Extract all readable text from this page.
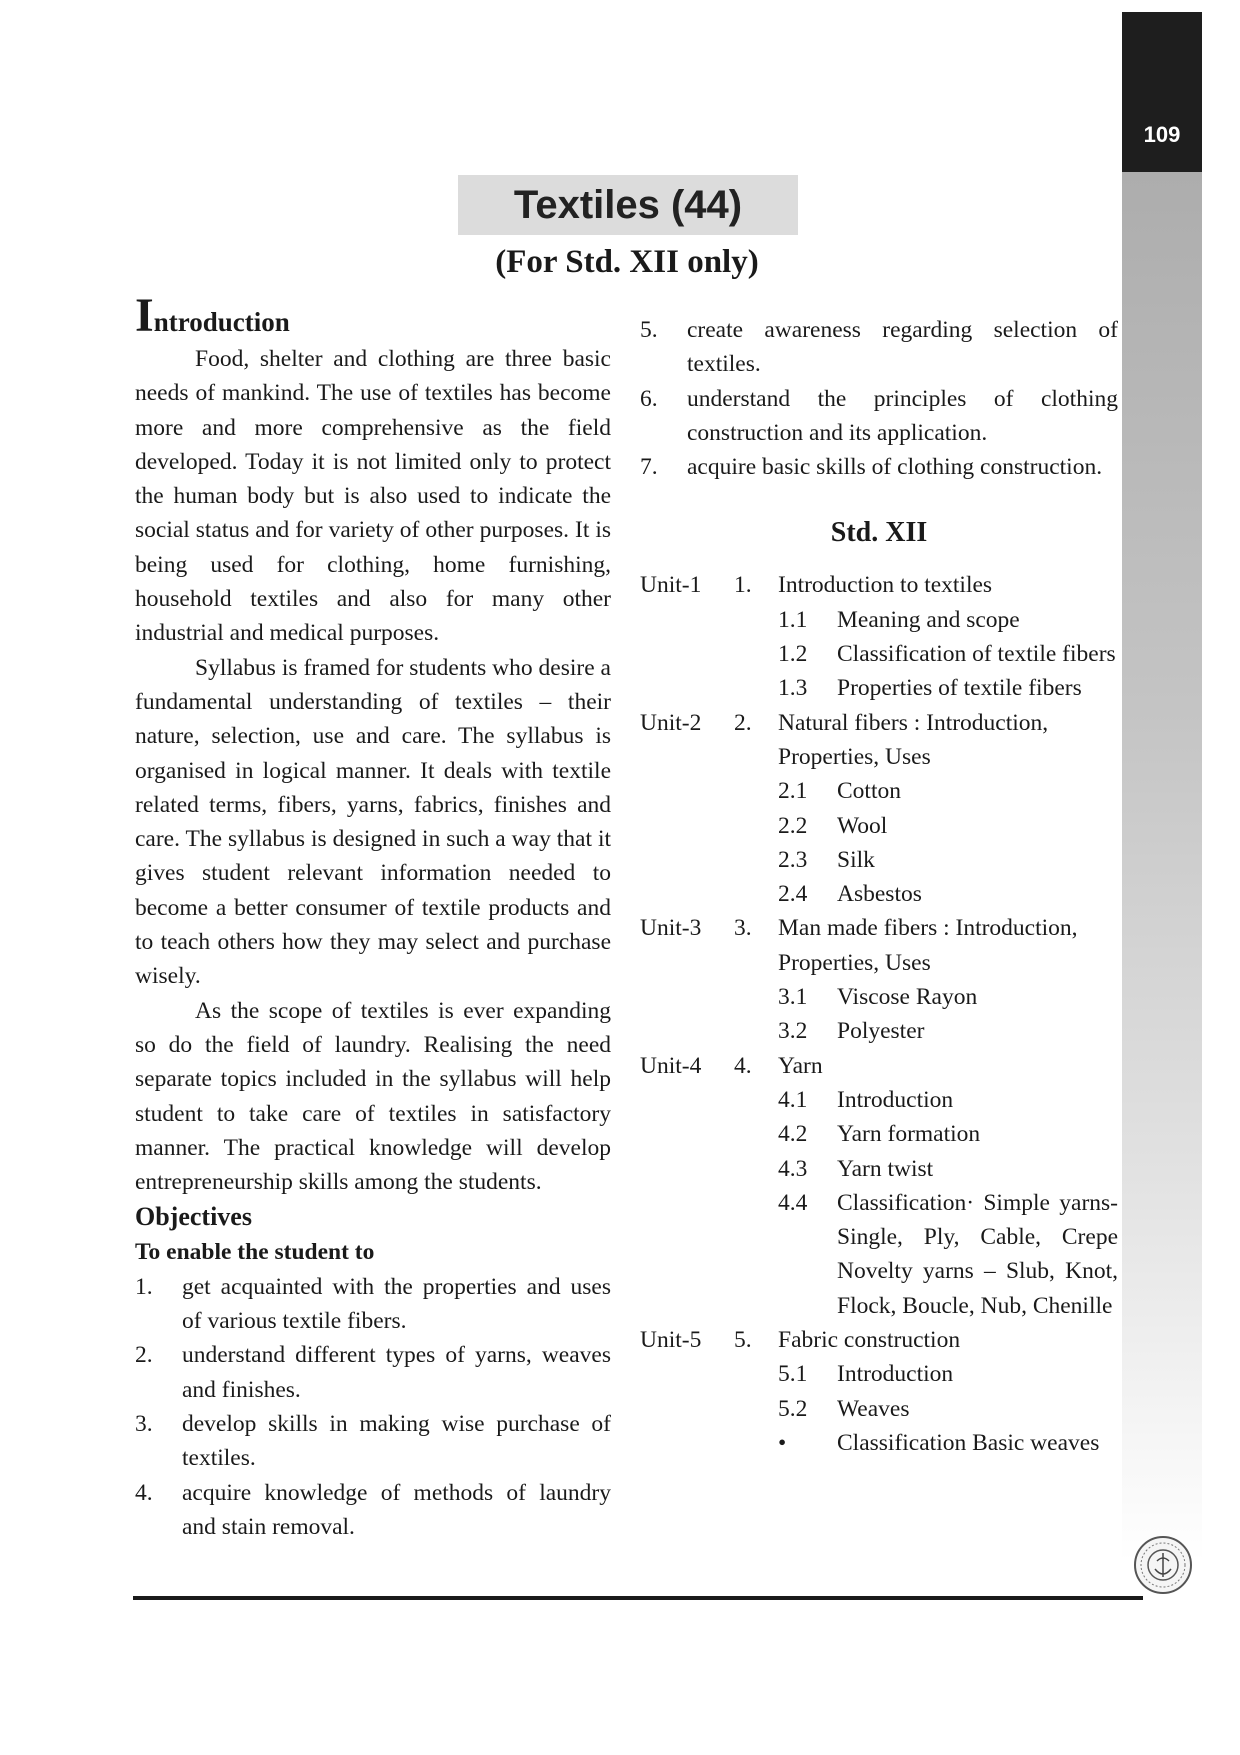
109
Textiles (44)
(For Std. XII only)
Introduction

Food, shelter and clothing are three basic needs of mankind. The use of textiles has become more and more comprehensive as the field developed. Today it is not limited only to protect the human body but is also used to indicate the social status and for variety of other purposes. It is being used for clothing, home furnishing, household textiles and also for many other industrial and medical purposes.

Syllabus is framed for students who desire a fundamental understanding of textiles – their nature, selection, use and care. The syllabus is organised in logical manner. It deals with textile related terms, fibers, yarns, fabrics, finishes and care. The syllabus is designed in such a way that it gives student relevant information needed to become a better consumer of textile products and to teach others how they may select and purchase wisely.

As the scope of textiles is ever expanding so do the field of laundry. Realising the need separate topics included in the syllabus will help student to take care of textiles in satisfactory manner. The practical knowledge will develop entrepreneurship skills among the students.

Objectives
To enable the student to
1.	get acquainted with the properties and uses of various textile fibers.
2.	understand different types of yarns, weaves and finishes.
3.	develop skills in making wise purchase of textiles.
4.	acquire knowledge of methods of laundry and stain removal.
5.	create awareness regarding selection of textiles.
6.	understand the principles of clothing construction and its application.
7.	acquire basic skills of clothing construction.
Std. XII
Unit-1	1.	Introduction to textiles
1.1	Meaning and scope
1.2	Classification of textile fibers
1.3	Properties of textile fibers
Unit-2	2.	Natural fibers : Introduction, Properties, Uses
2.1	Cotton
2.2	Wool
2.3	Silk
2.4	Asbestos
Unit-3	3.	Man made fibers : Introduction, Properties, Uses
3.1	Viscose Rayon
3.2	Polyester
Unit-4	4.	Yarn
4.1	Introduction
4.2	Yarn formation
4.3	Yarn twist
4.4	Classification· Simple yarns-Single, Ply, Cable, Crepe Novelty yarns – Slub, Knot, Flock, Boucle, Nub, Chenille
Unit-5	5.	Fabric construction
5.1	Introduction
5.2	Weaves
•	Classification Basic weaves
